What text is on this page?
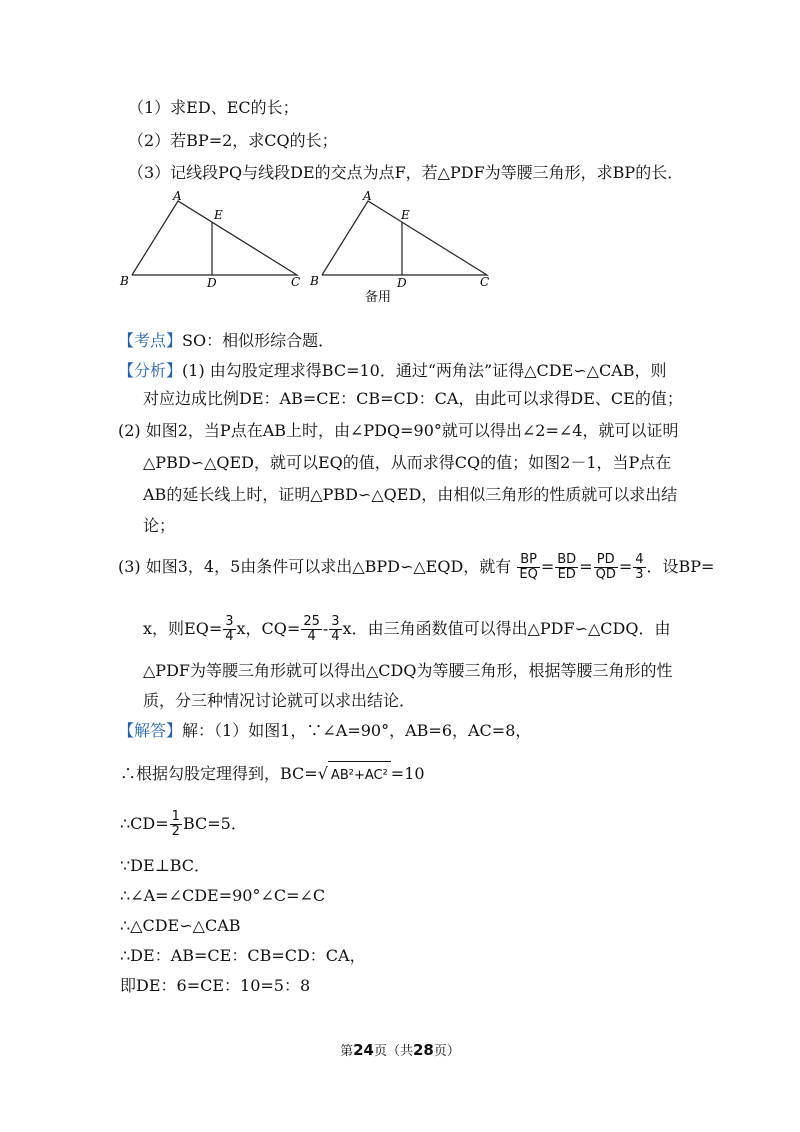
（1）求ED、EC的长；
（2）若BP=2，求CQ的长；
（3）记线段PQ与线段DE的交点为点F，若△PDF为等腰三角形，求BP的长．
A
E
B	D	C
A
E
B	D	C
备用
【考点】SO：相似形综合题．
【分析】(1) 由勾股定理求得BC=10．通过“两角法”证得△CDE∽△CAB，则
对应边成比例DE：AB=CE：CB=CD：CA，由此可以求得DE、CE的值；
(2) 如图2，当P点在AB上时，由∠PDQ=90°就可以得出∠2=∠4，就可以证明
△PBD∽△QED，就可以EQ的值，从而求得CQ的值；如图2－1，当P点在
AB的延长线上时，证明△PBD∽△QED，由相似三角形的性质就可以求出结
论；
(3) 如图3，4，5由条件可以求出△BPD∽△EQD，就有 $\frac{BP}{EQ} = \frac{BD}{ED} = \frac{PD}{QD} = \frac{4}{3}$ ．设BP=
x，则$EQ= \frac{3}{4}$ x，$CQ= \frac{25}{4} - \frac{3}{4}$ x．由三角函数值可以得出△PDF∽△CDQ．由
△PDF为等腰三角形就可以得出△CDQ为等腰三角形，根据等腰三角形的性
质，分三种情况讨论就可以求出结论．
【解答】解：（1）如图1，∵∠A=90°，AB=6，AC=8，
∴根据勾股定理得到，BC=√ AB²+AC² =10
∴CD= $\frac{1}{2} BC=5$．
∵DE⊥BC．
∴∠A=∠CDE=90°∠C=∠C
∴△CDE∽△CAB
∴DE：AB=CE：CB=CD：CA，
即DE：6=CE：10=5：8
第24页（共28页）
